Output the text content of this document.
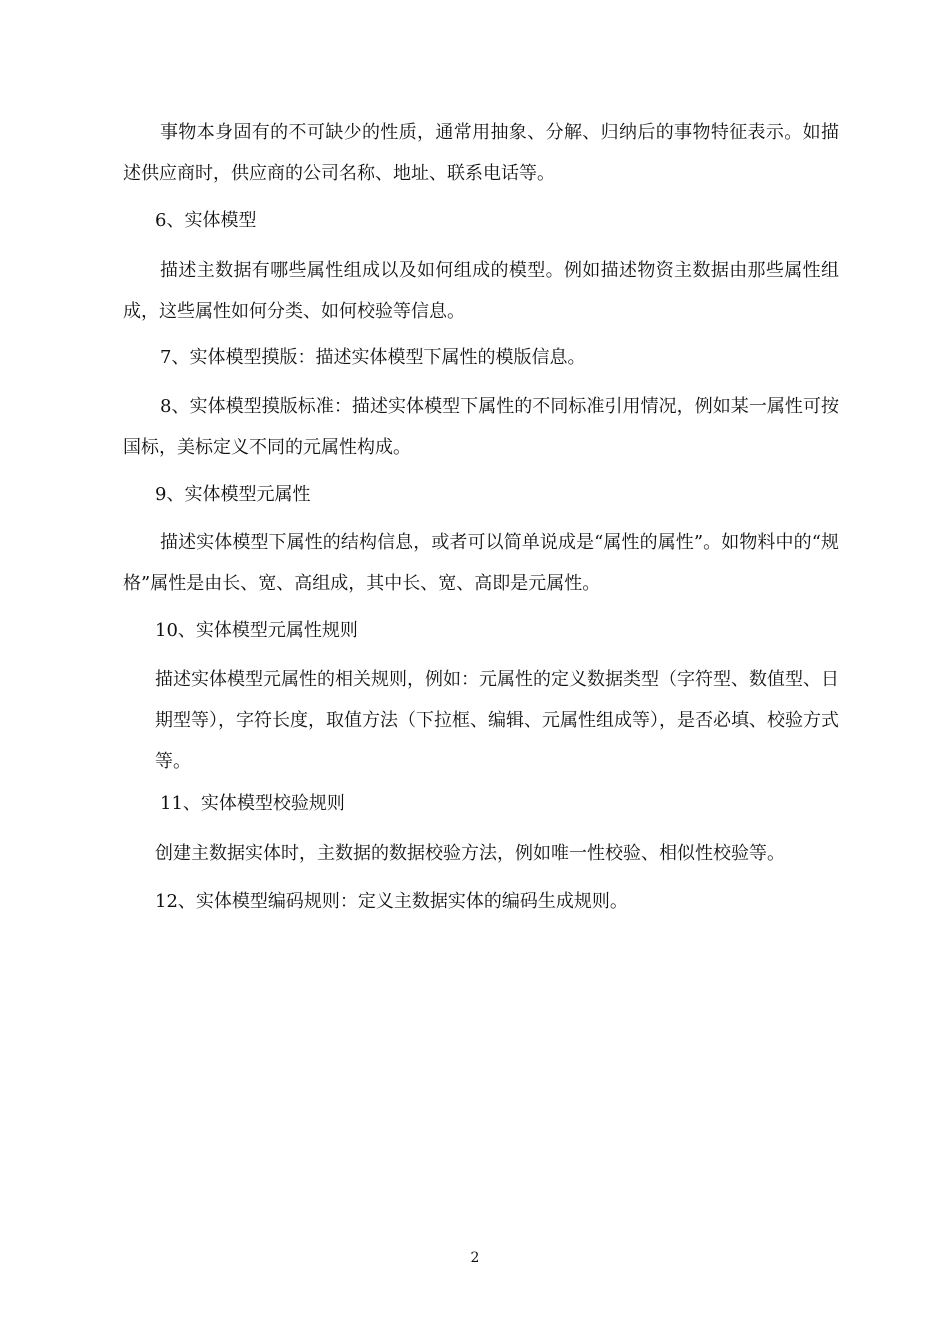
事物本身固有的不可缺少的性质，通常用抽象、分解、归纳后的事物特征表示。如描述供应商时，供应商的公司名称、地址、联系电话等。

6、实体模型

描述主数据有哪些属性组成以及如何组成的模型。例如描述物资主数据由那些属性组成，这些属性如何分类、如何校验等信息。

7、实体模型摸版：描述实体模型下属性的模版信息。

8、实体模型摸版标准：描述实体模型下属性的不同标准引用情况，例如某一属性可按国标，美标定义不同的元属性构成。

9、实体模型元属性

描述实体模型下属性的结构信息，或者可以简单说成是“属性的属性”。如物料中的“规格”属性是由长、宽、高组成，其中长、宽、高即是元属性。

10、实体模型元属性规则

描述实体模型元属性的相关规则，例如：元属性的定义数据类型（字符型、数值型、日期型等），字符长度，取值方法（下拉框、编辑、元属性组成等），是否必填、校验方式等。

11、实体模型校验规则

创建主数据实体时，主数据的数据校验方法，例如唯一性校验、相似性校验等。

12、实体模型编码规则：定义主数据实体的编码生成规则。

2
